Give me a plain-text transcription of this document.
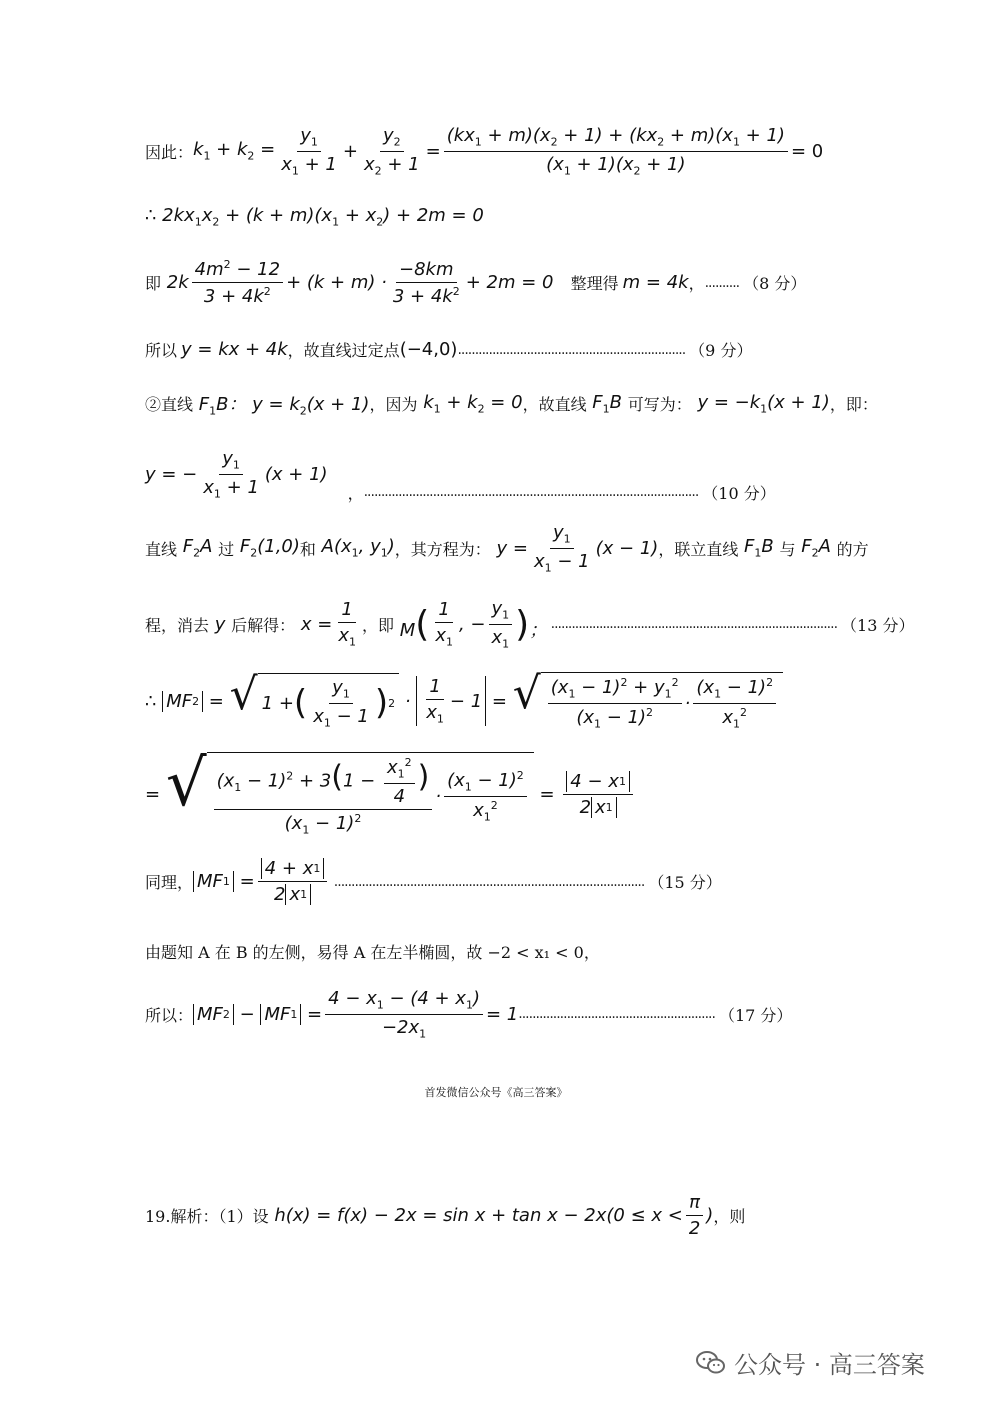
因此： $k_1 + k_2 = \frac{y_1}{x_1 + 1} + \frac{y_2}{x_2 + 1} = \frac{(kx_1 + m)(x_2 + 1) + (kx_2 + m)(x_1 + 1)}{(x_1 + 1)(x_2 + 1)} = 0$
∴ $2kx_1x_2 + (k + m)(x_1 + x_2) + 2m = 0$
即 $2k \frac{4m^2 - 12}{3 + 4k^2} + (k + m) \cdot \frac{-8km}{3 + 4k^2} + 2m = 0$ 整理得 m = 4k ， .......... （8 分）
所以 y = kx + 4k ，故直线过定点 (−4,0) .................................................................. （9 分）
②直线 $F_1B$： $y = k_2(x + 1)$ ，因为 $k_1 + k_2 = 0$ ，故直线 $F_1B$ 可写为： $y = -k_1(x + 1)$ ，即：
y = − $\frac{y_1}{x_1 + 1} (x + 1)$
， ................................................................................................. （10 分）
直线 $F_2A$ 过 $F_2(1,0)$ 和 $A(x_1$, $y_1$) ，其方程为： $y = \frac{y_1}{x_1 - 1} (x - 1)$ ，联立直线 $F_1B$ 与 $F_2A$ 的方
程，消去 y 后解得： $x = \frac{1}{x_1}$ ，即 $M( \frac{1}{x_1}$ , − $\frac{y_1}{x_1}$ )； ................................................................................... （13 分）
∴ MF 2 = √ 1 + ( $\frac{y_1}{x_1 - 1}$ ) $2 \cdot \frac{1}{x_1} - 1$ = √ $\frac{(x_1 - 1)^2 + y_1^2}{(x_1 - 1)^2} \cdot \frac{(x_1 - 1)^2}{x_1^2}$
= √ $\frac{(x_1 - 1)^2 + 3(1 - \frac{x_1^2}{4} )}{(x_1 - 1)^2} \cdot \frac{(x_1 - 1)^2}{x_1^2} = \frac{4 - x 1}{2 x 1}$
同理， MF $1 = \frac{4 + x 1}{2 x 1}$ .......................................................................................... （15 分）
由题知 A 在 B 的左侧，易得 A 在左半椭圆，故 −2 < x₁ < 0，
所以： MF 2 − MF $1 = \frac{4 - x_1 - (4 + x_1)}{-2x_1} = 1$ ......................................................... （17 分）
首发微信公众号《高三答案》
19.解析：（1）设 $h(x) = f(x) - 2x = \sin x + \tan x - 2x(0 \le x < \frac{\pi}{2}$ ) ，则
公众号 · 高三答案
